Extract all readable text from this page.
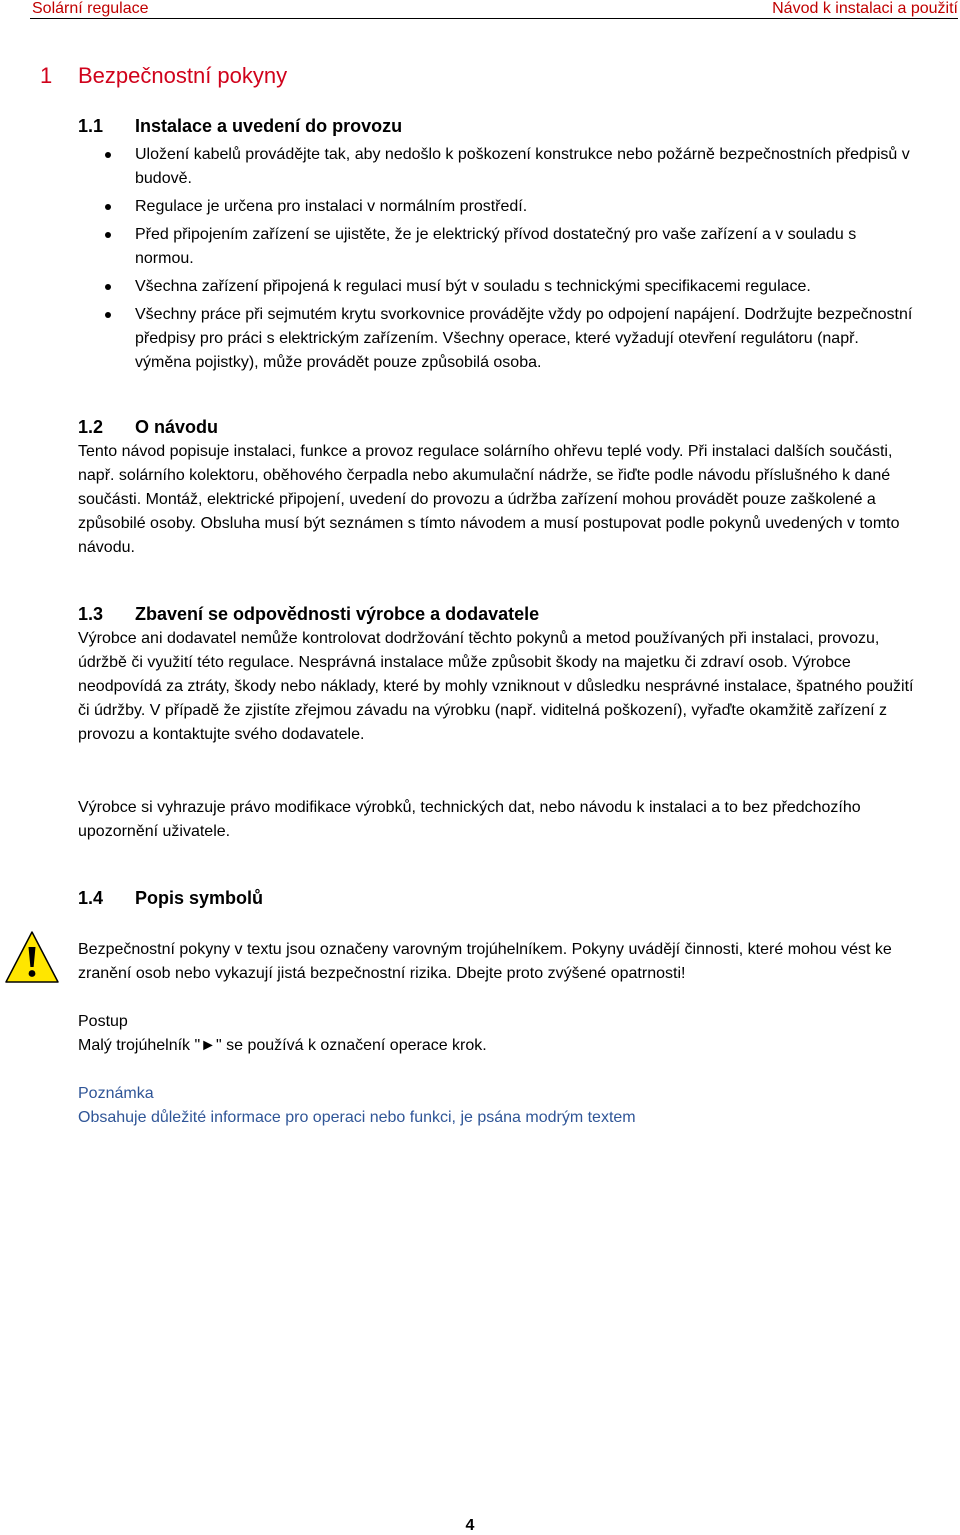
Solární regulace	Návod k instalaci a použití
1 Bezpečnostní pokyny
1.1 Instalace a uvedení do provozu
Uložení kabelů provádějte tak, aby nedošlo k poškození konstrukce nebo požárně bezpečnostních předpisů v budově.
Regulace je určena pro instalaci v normálním prostředí.
Před připojením zařízení se ujistěte, že je elektrický přívod dostatečný pro vaše zařízení a v souladu s normou.
Všechna zařízení připojená k regulaci musí být v souladu s technickými specifikacemi regulace.
Všechny práce při sejmutém krytu svorkovnice provádějte vždy po odpojení napájení. Dodržujte bezpečnostní předpisy pro práci s elektrickým zařízením. Všechny operace, které vyžadují otevření regulátoru (např. výměna pojistky), může provádět pouze způsobilá osoba.
1.2 O návodu

Tento návod popisuje instalaci, funkce a provoz regulace solárního ohřevu teplé vody. Při instalaci dalších součásti, např. solárního kolektoru, oběhového čerpadla nebo akumulační nádrže, se řiďte podle návodu příslušného k dané součásti. Montáž, elektrické připojení, uvedení do provozu a údržba zařízení mohou provádět pouze zaškolené a způsobilé osoby. Obsluha musí být seznámen s tímto návodem a musí postupovat podle pokynů uvedených v tomto návodu.

1.3 Zbavení se odpovědnosti výrobce a dodavatele

Výrobce ani dodavatel nemůže kontrolovat dodržování těchto pokynů a metod používaných při instalaci, provozu, údržbě či využití této regulace. Nesprávná instalace může způsobit škody na majetku či zdraví osob. Výrobce neodpovídá za ztráty, škody nebo náklady, které by mohly vzniknout v důsledku nesprávné instalace, špatného použití či údržby. V případě že zjistíte zřejmou závadu na výrobku (např. viditelná poškození), vyřaďte okamžitě zařízení z provozu a kontaktujte svého dodavatele.

Výrobce si vyhrazuje právo modifikace výrobků, technických dat, nebo návodu k instalaci a to bez předchozího upozornění uživatele.

1.4 Popis symbolů

Bezpečnostní pokyny v textu jsou označeny varovným trojúhelníkem. Pokyny uvádějí činnosti, které mohou vést ke zranění osob nebo vykazují jistá bezpečnostní rizika. Dbejte proto zvýšené opatrnosti!

Postup

Malý trojúhelník "►" se používá k označení operace krok.

Poznámka

Obsahuje důležité informace pro operaci nebo funkci, je psána modrým textem

4
